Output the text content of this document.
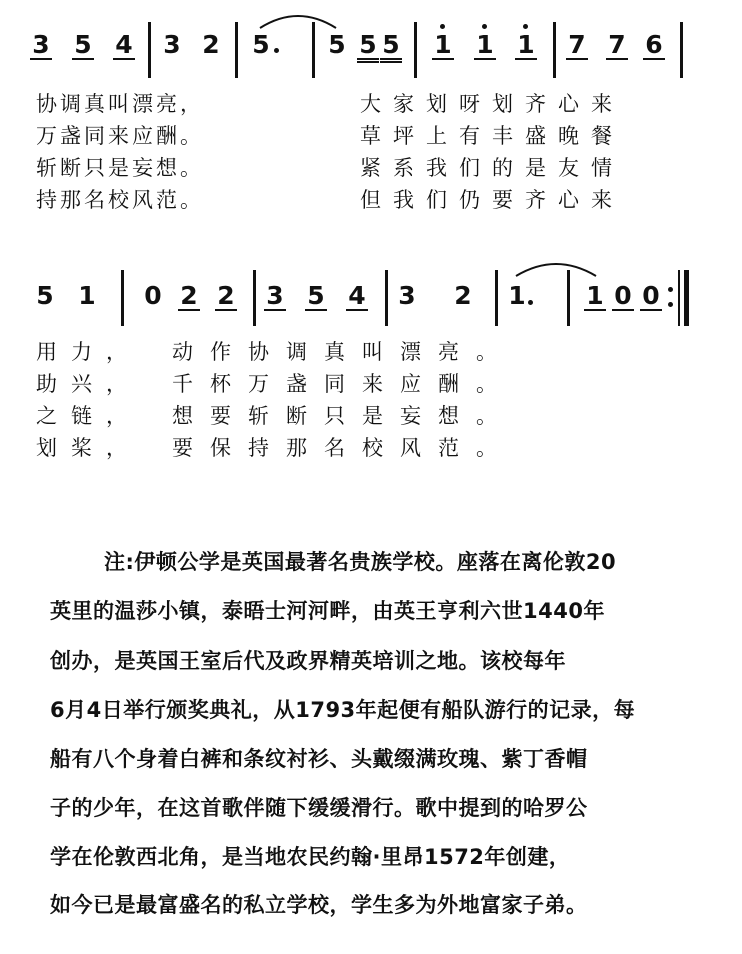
3 5 4 3 2 5 5 5 5 1 1 1 7 7 6
协调真叫漂亮，
万盏同来应酬。
斩断只是妄想。
持那名校风范。
大家划呀划齐心来
草坪上有丰盛晚餐
紧系我们的是友情
但我们仍要齐心来
5 1 0 2 2 3 5 4 3 2 1 1 0 0
用力，
助兴，
之链，
划桨，
动作协调真叫漂亮。
千杯万盏同来应酬。
想要斩断只是妄想。
要保持那名校风范。
注:伊顿公学是英国最著名贵族学校。座落在离伦敦20
英里的温莎小镇，泰晤士河河畔，由英王亨利六世1440年
创办，是英国王室后代及政界精英培训之地。该校每年
6月4日举行颁奖典礼，从1793年起便有船队游行的记录，每
船有八个身着白裤和条纹衬衫、头戴缀满玫瑰、紫丁香帽
子的少年，在这首歌伴随下缓缓滑行。歌中提到的哈罗公
学在伦敦西北角，是当地农民约翰·里昂1572年创建，
如今已是最富盛名的私立学校，学生多为外地富家子弟。
